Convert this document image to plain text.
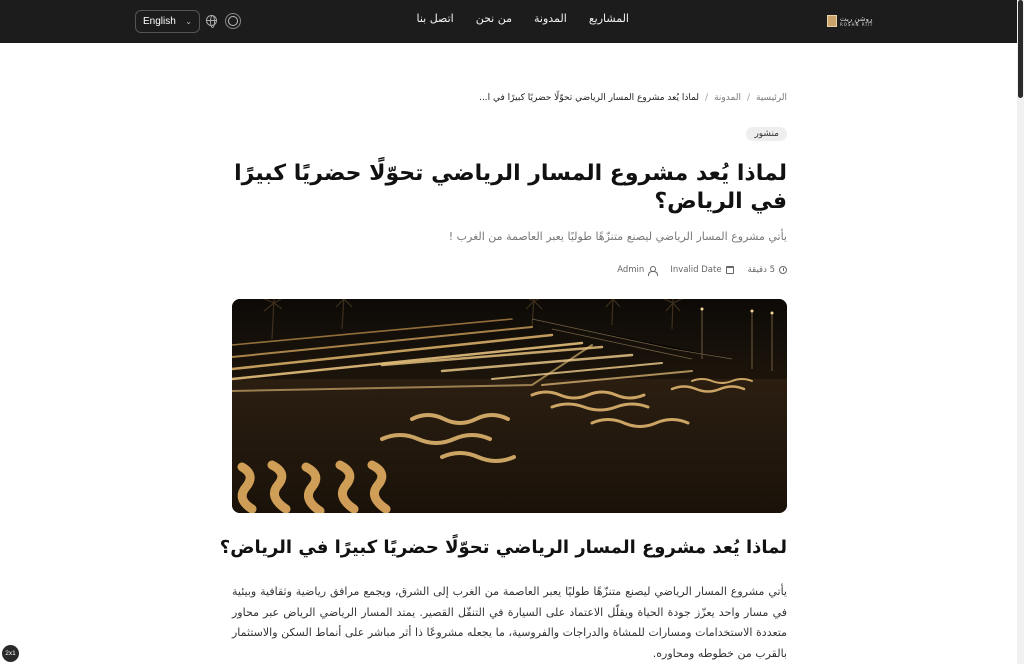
روشن ريت
ROSHN RIIT
المشاريع
المدونة
من نحن
اتصل بنا
English ⌄
الرئيسية
/
المدونة
/
لماذا يُعد مشروع المسار الرياضي تحوّلًا حضريًا كبيرًا في ا...
منشور
لماذا يُعد مشروع المسار الرياضي تحوّلًا حضريًا كبيرًا في الرياض؟

يأتي مشروع المسار الرياضي ليصنع متنزّهًا طوليًا يعبر العاصمة من الغرب !

5 دقيقة
Invalid Date
Admin
لماذا يُعد مشروع المسار الرياضي تحوّلًا حضريًا كبيرًا في الرياض؟

يأتي مشروع المسار الرياضي ليصنع متنزّهًا طوليًا يعبر العاصمة من الغرب إلى الشرق، ويجمع مرافق رياضية وثقافية وبيئية في مسار واحد يعزّز جودة الحياة ويقلّل الاعتماد على السيارة في التنقّل القصير. يمتد المسار الرياضي الرياض عبر محاور متعددة الاستخدامات ومسارات للمشاة والدراجات والفروسية، ما يجعله مشروعًا ذا أثر مباشر على أنماط السكن والاستثمار بالقرب من خطوطه ومحاوره.

2x1
